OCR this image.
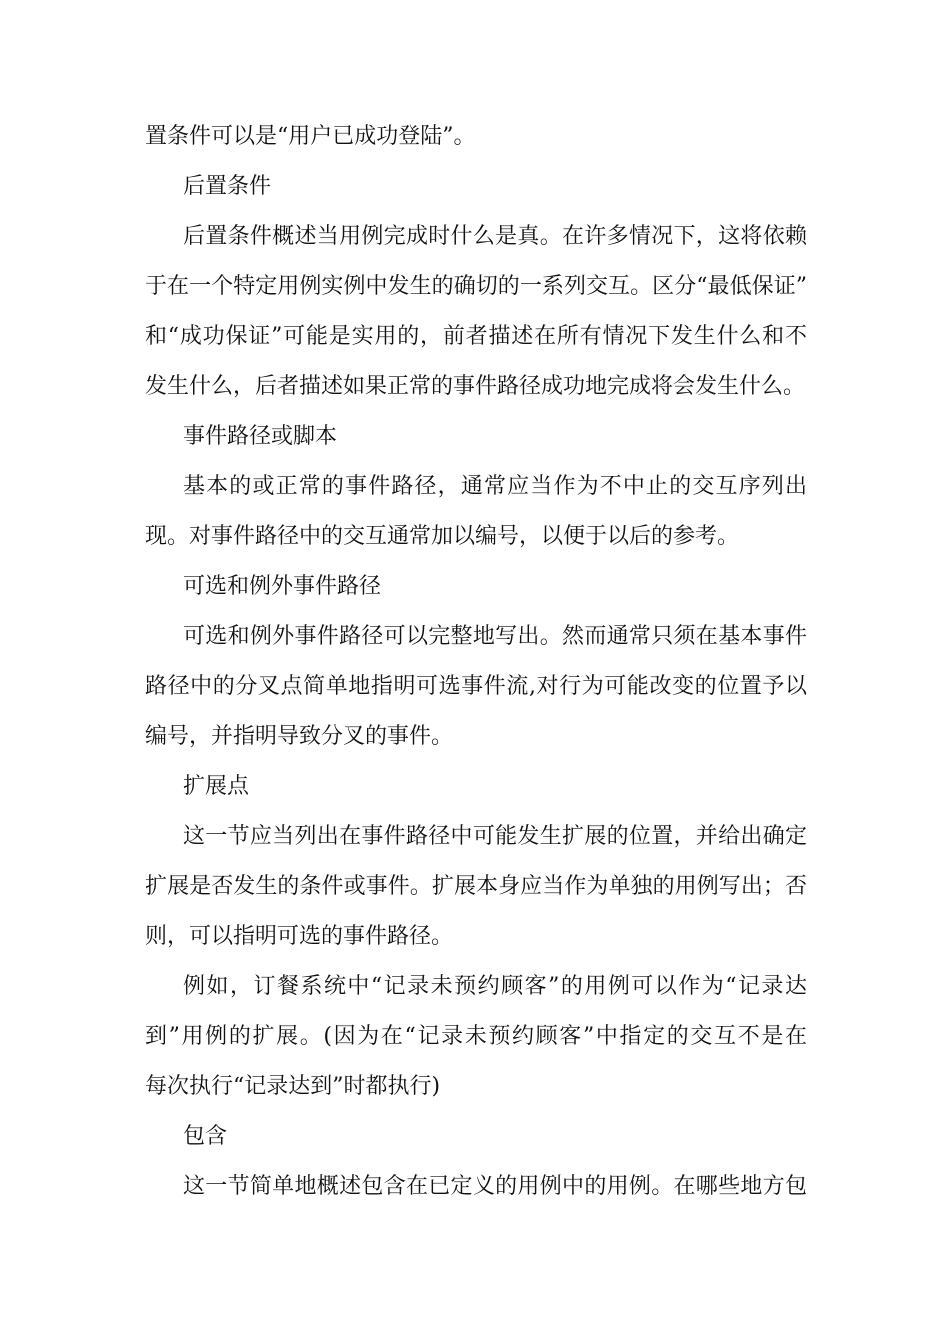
置条件可以是“用户已成功登陆”。
后置条件
后置条件概述当用例完成时什么是真。在许多情况下，这将依赖
于在一个特定用例实例中发生的确切的一系列交互。区分“最低保证”
和“成功保证”可能是实用的，前者描述在所有情况下发生什么和不
发生什么，后者描述如果正常的事件路径成功地完成将会发生什么。
事件路径或脚本
基本的或正常的事件路径，通常应当作为不中止的交互序列出
现。对事件路径中的交互通常加以编号，以便于以后的参考。
可选和例外事件路径
可选和例外事件路径可以完整地写出。然而通常只须在基本事件
路径中的分叉点简单地指明可选事件流,对行为可能改变的位置予以
编号，并指明导致分叉的事件。
扩展点
这一节应当列出在事件路径中可能发生扩展的位置，并给出确定
扩展是否发生的条件或事件。扩展本身应当作为单独的用例写出；否
则，可以指明可选的事件路径。
例如，订餐系统中“记录未预约顾客”的用例可以作为“记录达
到”用例的扩展。(因为在“记录未预约顾客”中指定的交互不是在
每次执行“记录达到”时都执行)
包含
这一节简单地概述包含在已定义的用例中的用例。在哪些地方包
